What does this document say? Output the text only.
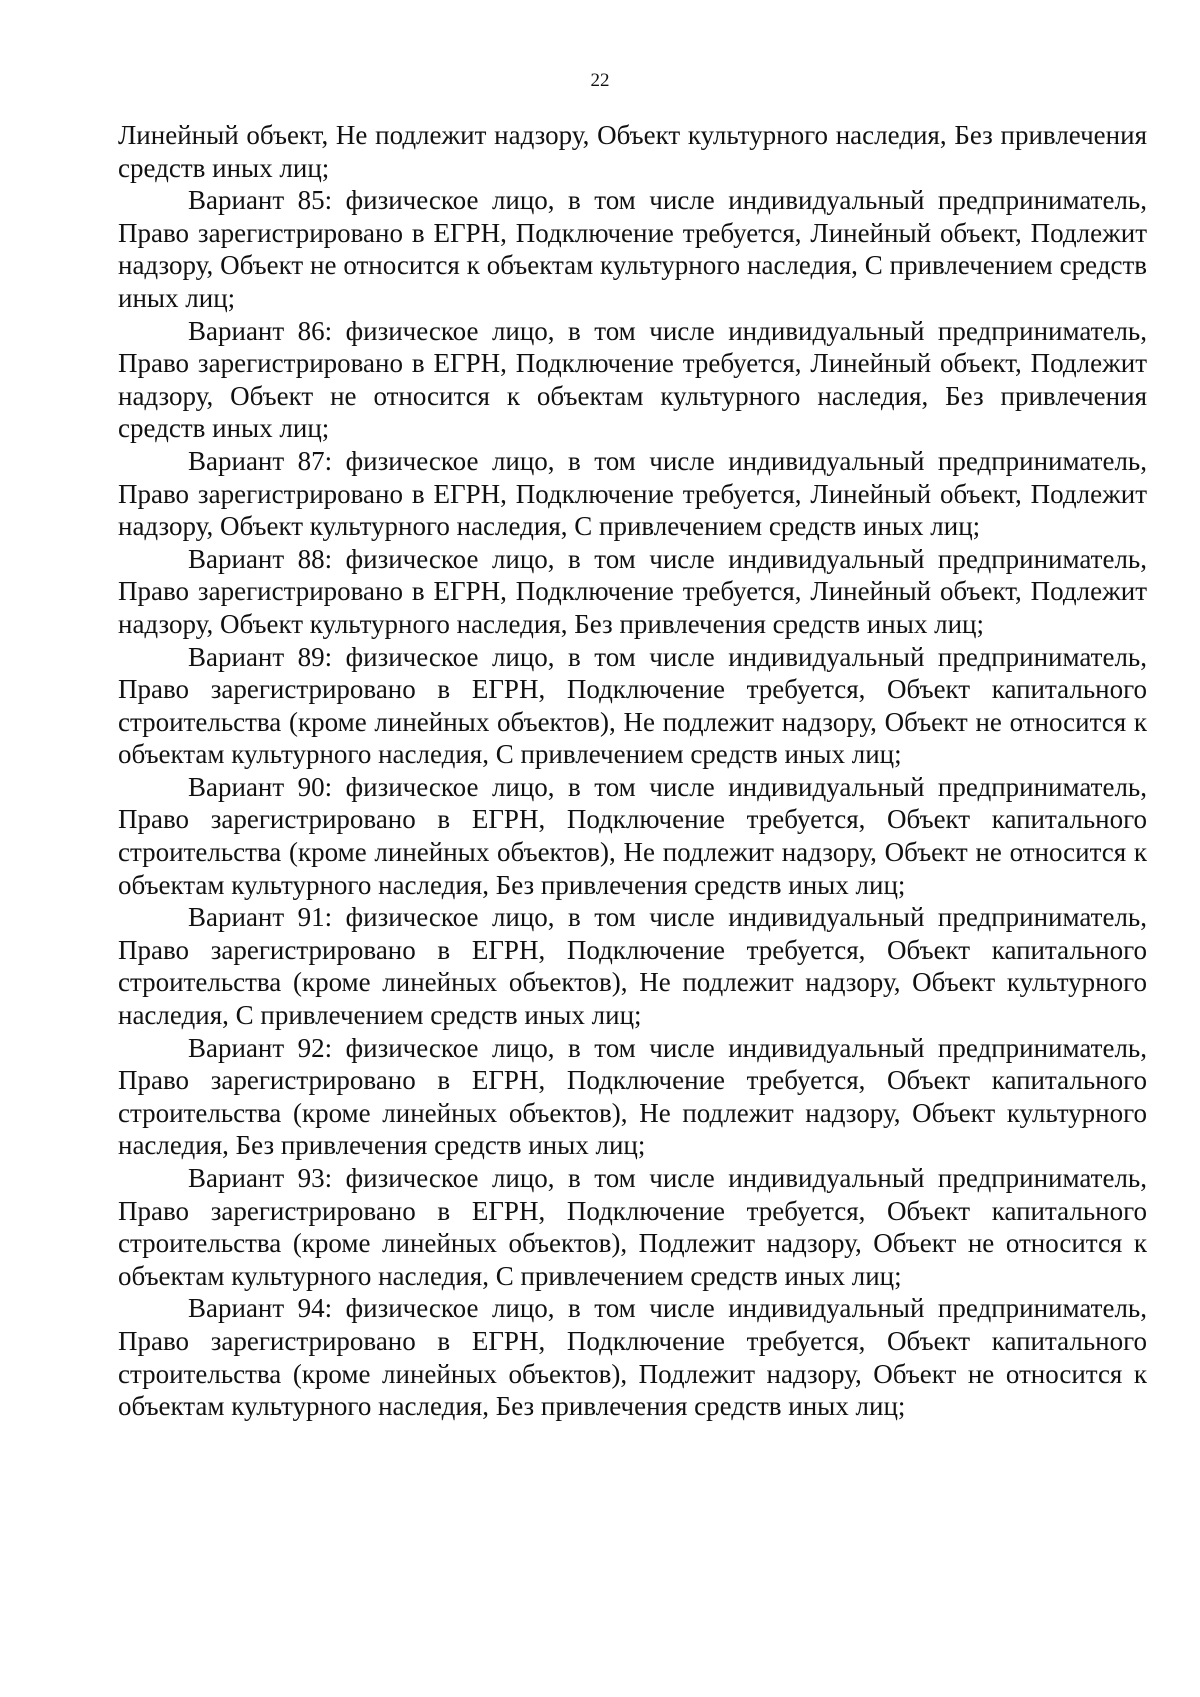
22

Линейный объект, Не подлежит надзору, Объект культурного наследия, Без привлечения средств иных лиц;

Вариант 85: физическое лицо, в том числе индивидуальный предприниматель, Право зарегистрировано в ЕГРН, Подключение требуется, Линейный объект, Подлежит надзору, Объект не относится к объектам культурного наследия, С привлечением средств иных лиц;

Вариант 86: физическое лицо, в том числе индивидуальный предприниматель, Право зарегистрировано в ЕГРН, Подключение требуется, Линейный объект, Подлежит надзору, Объект не относится к объектам культурного наследия, Без привлечения средств иных лиц;

Вариант 87: физическое лицо, в том числе индивидуальный предприниматель, Право зарегистрировано в ЕГРН, Подключение требуется, Линейный объект, Подлежит надзору, Объект культурного наследия, С привлечением средств иных лиц;

Вариант 88: физическое лицо, в том числе индивидуальный предприниматель, Право зарегистрировано в ЕГРН, Подключение требуется, Линейный объект, Подлежит надзору, Объект культурного наследия, Без привлечения средств иных лиц;

Вариант 89: физическое лицо, в том числе индивидуальный предприниматель, Право зарегистрировано в ЕГРН, Подключение требуется, Объект капитального строительства (кроме линейных объектов), Не подлежит надзору, Объект не относится к объектам культурного наследия, С привлечением средств иных лиц;

Вариант 90: физическое лицо, в том числе индивидуальный предприниматель, Право зарегистрировано в ЕГРН, Подключение требуется, Объект капитального строительства (кроме линейных объектов), Не подлежит надзору, Объект не относится к объектам культурного наследия, Без привлечения средств иных лиц;

Вариант 91: физическое лицо, в том числе индивидуальный предприниматель, Право зарегистрировано в ЕГРН, Подключение требуется, Объект капитального строительства (кроме линейных объектов), Не подлежит надзору, Объект культурного наследия, С привлечением средств иных лиц;

Вариант 92: физическое лицо, в том числе индивидуальный предприниматель, Право зарегистрировано в ЕГРН, Подключение требуется, Объект капитального строительства (кроме линейных объектов), Не подлежит надзору, Объект культурного наследия, Без привлечения средств иных лиц;

Вариант 93: физическое лицо, в том числе индивидуальный предприниматель, Право зарегистрировано в ЕГРН, Подключение требуется, Объект капитального строительства (кроме линейных объектов), Подлежит надзору, Объект не относится к объектам культурного наследия, С привлечением средств иных лиц;

Вариант 94: физическое лицо, в том числе индивидуальный предприниматель, Право зарегистрировано в ЕГРН, Подключение требуется, Объект капитального строительства (кроме линейных объектов), Подлежит надзору, Объект не относится к объектам культурного наследия, Без привлечения средств иных лиц;
